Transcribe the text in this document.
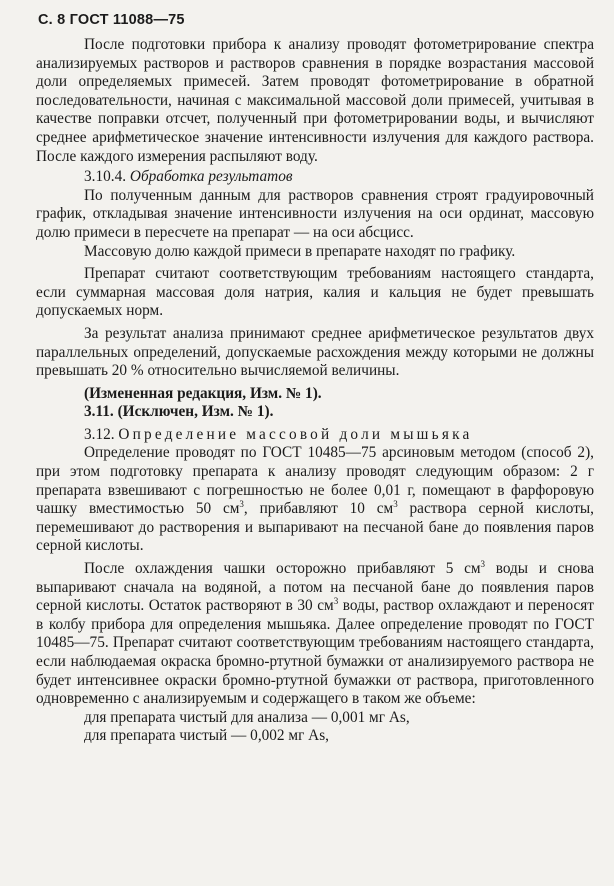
С. 8 ГОСТ 11088—75

После подготовки прибора к анализу проводят фотометрирование спектра анализируемых растворов и растворов сравнения в порядке возрастания массовой доли определяемых примесей. Затем проводят фотометрирование в обратной последовательности, начиная с максимальной массовой доли примесей, учитывая в качестве поправки отсчет, полученный при фотометрировании воды, и вычисляют среднее арифметическое значение интенсивности излучения для каждого раствора. После каждого измерения распыляют воду.

3.10.4. Обработка результатов

По полученным данным для растворов сравнения строят градуировочный график, откладывая значение интенсивности излучения на оси ординат, массовую долю примеси в пересчете на препарат — на оси абсцисс.

Массовую долю каждой примеси в препарате находят по графику.

Препарат считают соответствующим требованиям настоящего стандарта, если суммарная массовая доля натрия, калия и кальция не будет превышать допускаемых норм.

За результат анализа принимают среднее арифметическое результатов двух параллельных определений, допускаемые расхождения между которыми не должны превышать 20 % относительно вычисляемой величины.

(Измененная редакция, Изм. № 1).

3.11. (Исключен, Изм. № 1).

3.12. Определение массовой доли мышьяка

Определение проводят по ГОСТ 10485—75 арсиновым методом (способ 2), при этом подготовку препарата к анализу проводят следующим образом: 2 г препарата взвешивают с погрешностью не более 0,01 г, помещают в фарфоровую чашку вместимостью 50 $см^3$, прибавляют 10 $см^3$ раствора серной кислоты, перемешивают до растворения и выпаривают на песчаной бане до появления паров серной кислоты.

После охлаждения чашки осторожно прибавляют 5 $см^3$ воды и снова выпаривают сначала на водяной, а потом на песчаной бане до появления паров серной кислоты. Остаток растворяют в 30 $см^3$ воды, раствор охлаждают и переносят в колбу прибора для определения мышьяка. Далее определение проводят по ГОСТ 10485—75. Препарат считают соответствующим требованиям настоящего стандарта, если наблюдаемая окраска бромно-ртутной бумажки от анализируемого раствора не будет интенсивнее окраски бромно-ртутной бумажки от раствора, приготовленного одновременно с анализируемым и содержащего в таком же объеме:

для препарата чистый для анализа — 0,001 мг As,

для препарата чистый — 0,002 мг As,
